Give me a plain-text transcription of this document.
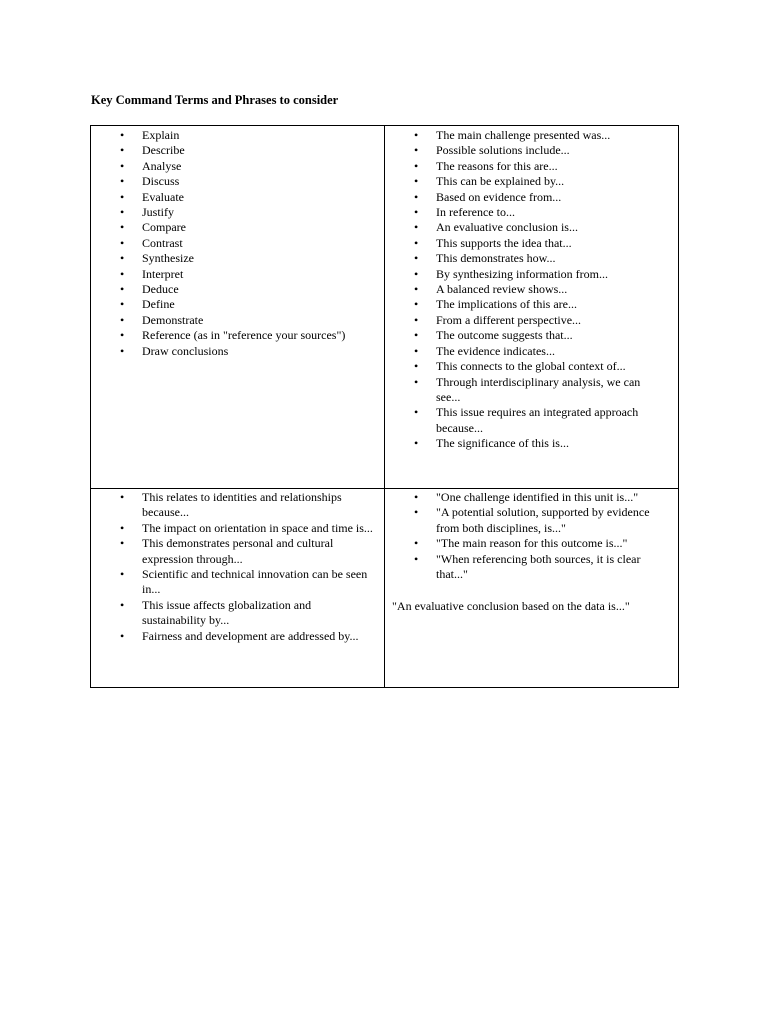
Key Command Terms and Phrases to consider
• Explain
• Describe
• Analyse
• Discuss
• Evaluate
• Justify
• Compare
• Contrast
• Synthesize
• Interpret
• Deduce
• Define
• Demonstrate
• Reference (as in "reference your sources")
• Draw conclusions
• The main challenge presented was...
• Possible solutions include...
• The reasons for this are...
• This can be explained by...
• Based on evidence from...
• In reference to...
• An evaluative conclusion is...
• This supports the idea that...
• This demonstrates how...
• By synthesizing information from...
• A balanced review shows...
• The implications of this are...
• From a different perspective...
• The outcome suggests that...
• The evidence indicates...
• This connects to the global context of...
• Through interdisciplinary analysis, we can see...
• This issue requires an integrated approach because...
• The significance of this is...
• This relates to identities and relationships because...
• The impact on orientation in space and time is...
• This demonstrates personal and cultural expression through...
• Scientific and technical innovation can be seen in...
• This issue affects globalization and sustainability by...
• Fairness and development are addressed by...
• "One challenge identified in this unit is..."
• "A potential solution, supported by evidence from both disciplines, is..."
• "The main reason for this outcome is..."
• "When referencing both sources, it is clear that..."
"An evaluative conclusion based on the data is..."
